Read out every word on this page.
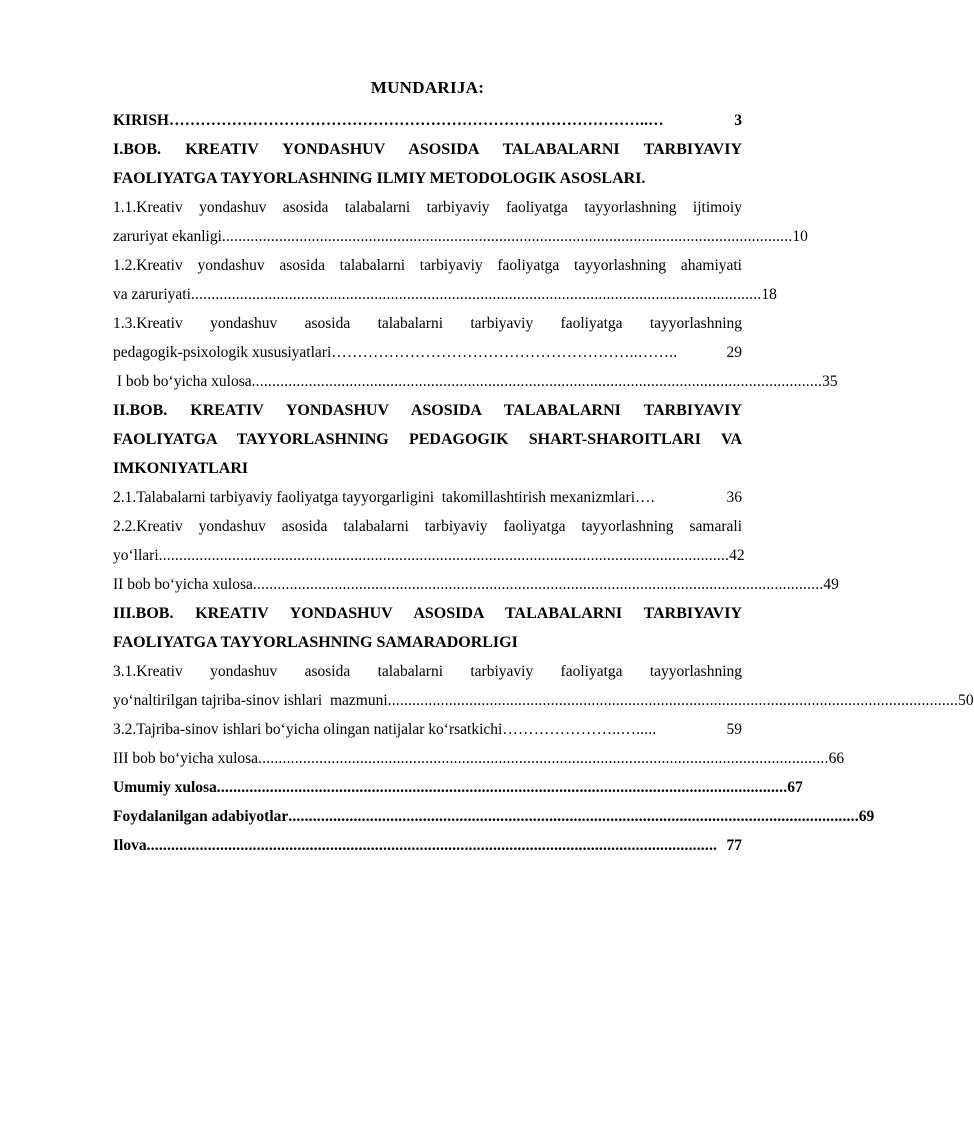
MUNDARIJA:
KIRISH ………………………………………………………………………………..…	3
I.BOB. KREATIV YONDASHUV ASOSIDA TALABALARNI TARBIYAVIY FAOLIYATGA TAYYORLASHNING ILMIY METODOLOGIK ASOSLARI.
1.1.Kreativ yondashuv asosida talabalarni tarbiyaviy faoliyatga tayyorlashning ijtimoiy
zaruriyat ekanligi ............................................................................................................................................ 10
1.2.Kreativ yondashuv asosida talabalarni tarbiyaviy faoliyatga tayyorlashning ahamiyati
va zaruriyati ............................................................................................................................................ 18
1.3.Kreativ yondashuv asosida talabalarni tarbiyaviy faoliyatga tayyorlashning
pedagogik-psixologik xususiyatlari …………………………………………………..……..	29
I bob bo‘yicha xulosa ............................................................................................................................................ 35
II.BOB. KREATIV YONDASHUV ASOSIDA TALABALARNI TARBIYAVIY FAOLIYATGA TAYYORLASHNING PEDAGOGIK SHART-SHAROITLARI VA IMKONIYATLARI
2.1.Talabalarni tarbiyaviy faoliyatga tayyorgarligini  takomillashtirish mexanizmlari ….	36
2.2.Kreativ yondashuv asosida talabalarni tarbiyaviy faoliyatga tayyorlashning samarali
yo‘llari ............................................................................................................................................ 42
II bob bo‘yicha xulosa ............................................................................................................................................ 49
III.BOB. KREATIV YONDASHUV ASOSIDA TALABALARNI TARBIYAVIY FAOLIYATGA TAYYORLASHNING SAMARADORLIGI
3.1.Kreativ yondashuv asosida talabalarni tarbiyaviy faoliyatga tayyorlashning
yo‘naltirilgan tajriba-sinov ishlari  mazmuni ............................................................................................................................................ 50
3.2.Tajriba-sinov ishlari bo‘yicha olingan natijalar ko‘rsatkichi …………………..….....	59
III bob bo‘yicha xulosa ............................................................................................................................................ 66
Umumiy xulosa ............................................................................................................................................ 67
Foydalanilgan adabiyotlar ............................................................................................................................................ 69
Ilova ............................................................................................................................................ 77
